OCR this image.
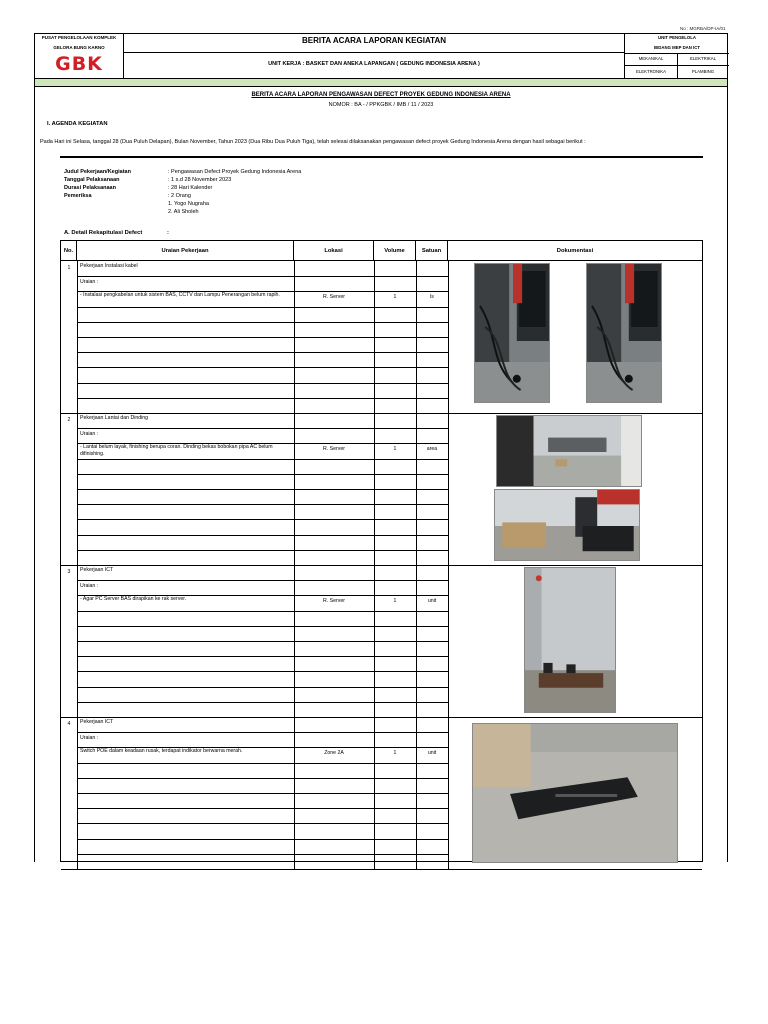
No : MGRBA/DP-IA/01
PUSAT PENGELOLAAN KOMPLEK
GELORA BUNG KARNO
GBK
BERITA ACARA LAPORAN KEGIATAN
UNIT KERJA : BASKET DAN ANEKA LAPANGAN ( GEDUNG INDONESIA ARENA )
UNIT PENGELOLA
BIDANG MEP DAN ICT
MEKANIKAL	ELEKTRIKAL
ELEKTRONIKA	PLAMBING
BERITA ACARA LAPORAN PENGAWASAN DEFECT PROYEK GEDUNG INDONESIA ARENA
NOMOR : BA - / PPKGBK / IMB / 11 / 2023
I. AGENDA KEGIATAN
Pada Hari ini Selasa, tanggal 28 (Dua Puluh Delapan), Bulan November, Tahun 2023 (Dua Ribu Dua Puluh Tiga), telah selesai dilaksanakan pengawasan defect proyek Gedung Indonesia Arena dengan hasil sebagai berikut :
Judul Pekerjaan/Kegiatan	: Pengawasan Defect Proyek Gedung Indonesia Arena
Tanggal Pelaksanaan	: 1 s.d 28 November 2023
Durasi Pelaksanaan	: 28 Hari Kalender
Pemeriksa	: 2 Orang
1. Yogo Nugraha
2. Ali Sholeh
A. Detail Rekapitulasi Defect	:
No.	Uraian Pekerjaan	Lokasi	Volume	Satuan	Dokumentasi
1	Pekerjaan Instalasi kabel
Uraian :
- Instalasi pengkabelan untuk sistem BAS, CCTV dan Lampu Penerangan belum rapih.	R. Server	1	ls
2	Pekerjaan Lantai dan Dinding
Uraian :
- Lantai belum layak, finishing berupa coran. Dinding bekas bobokan pipa AC belum difinishing.
R. Server	1	area
3	Pekerjaan ICT
Uraian :
- Agar PC Server BAS dirapikan ke rak server.	R. Server	1	unit
4	Pekerjaan ICT
Uraian :
Switch POE dalam keadaan rusak, terdapat indikator berwarna merah.	Zone 2A	1	unit
